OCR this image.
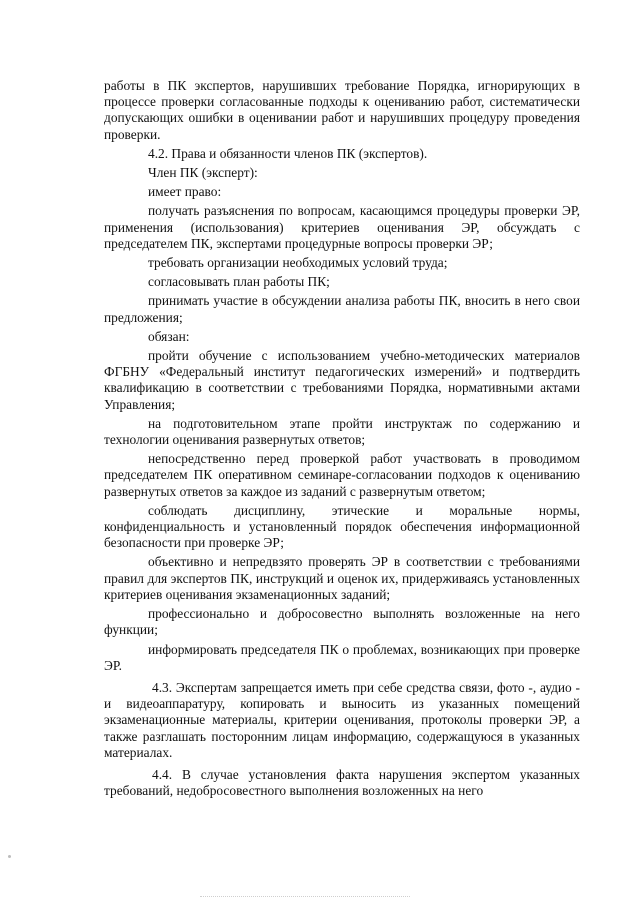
работы в ПК экспертов, нарушивших требование Порядка, игнорирующих в процессе проверки согласованные подходы к оцениванию работ, систематически допускающих ошибки в оценивании работ и нарушивших процедуру проведения проверки.

4.2. Права и обязанности членов ПК (экспертов).

Член ПК (эксперт):

имеет право:

получать разъяснения по вопросам, касающимся процедуры проверки ЭР, применения (использования) критериев оценивания ЭР, обсуждать с председателем ПК, экспертами процедурные вопросы проверки ЭР;

требовать организации необходимых условий труда;

согласовывать план работы ПК;

принимать участие в обсуждении анализа работы ПК, вносить в него свои предложения;

обязан:

пройти обучение с использованием учебно-методических материалов ФГБНУ «Федеральный институт педагогических измерений» и подтвердить квалификацию в соответствии с требованиями Порядка, нормативными актами Управления;

на подготовительном этапе пройти инструктаж по содержанию и технологии оценивания развернутых ответов;

непосредственно перед проверкой работ участвовать в проводимом председателем ПК оперативном семинаре-согласовании подходов к оцениванию развернутых ответов за каждое из заданий с развернутым ответом;

соблюдать дисциплину, этические и моральные нормы, конфиденциальность и установленный порядок обеспечения информационной безопасности при проверке ЭР;

объективно и непредвзято проверять ЭР в соответствии с требованиями правил для экспертов ПК, инструкций и оценок их, придерживаясь установленных критериев оценивания экзаменационных заданий;

профессионально и добросовестно выполнять возложенные на него функции;

информировать председателя ПК о проблемах, возникающих при проверке ЭР.

4.3. Экспертам запрещается иметь при себе средства связи, фото -, аудио - и видеоаппаратуру, копировать и выносить из указанных помещений экзаменационные материалы, критерии оценивания, протоколы проверки ЭР, а также разглашать посторонним лицам информацию, содержащуюся в указанных материалах.

4.4. В случае установления факта нарушения экспертом указанных требований, недобросовестного выполнения возложенных на него
